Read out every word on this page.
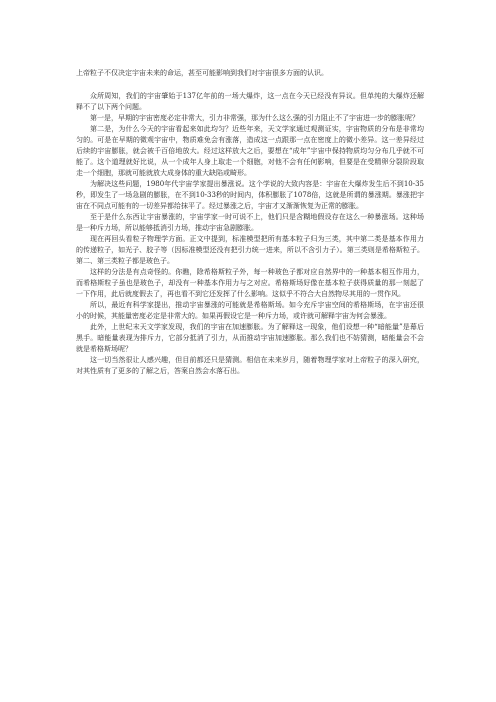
上帝粒子不仅决定宇宙未来的命运，甚至可能影响到我们对宇宙很多方面的认识。

众所周知，我们的宇宙肇始于137亿年前的一场大爆炸，这一点在今天已经没有异议。但单纯的大爆炸还解释不了以下两个问题。

第一是，早期的宇宙密度必定非常大，引力非常强，那为什么这么强的引力阻止不了宇宙进一步的膨胀呢？

第二是，为什么今天的宇宙看起来如此均匀？近些年来，天文学家通过观测证实，宇宙物质的分布是非常均匀的。可是在早期的微观宇宙中，物质难免会有涨落，造成这一点跟那一点在密度上的微小差异。这一差异经过后续的宇宙膨胀，就会被千百倍地放大。经过这样放大之后，要想在“成年”宇宙中保持物质均匀分布几乎就不可能了。这个道理就好比说，从一个成年人身上取走一个细胞，对他不会有任何影响，但要是在受精卵分裂阶段取走一个细胞，那就可能就放大成身体的重大缺陷或畸形。

为解决这些问题，1980年代宇宙学家提出暴涨说。这个学说的大致内容是：宇宙在大爆炸发生后不到10-35秒，即发生了一场急剧的膨胀，在不到10-33秒的时间内，体积膨胀了1078倍，这就是所谓的暴涨期。暴涨把宇宙在不同点可能有的一切差异都给抹平了。经过暴涨之后，宇宙才又渐渐恢复为正常的膨胀。

至于是什么东西让宇宙暴涨的，宇宙学家一时可说不上，他们只是含糊地假设存在这么一种暴涨场。这种场是一种斥力场，所以能够抵消引力场，推动宇宙急剧膨胀。

现在再回头看粒子物理学方面。正文中提到，标准模型把所有基本粒子归为三类，其中第二类是基本作用力的传递粒子，如光子、胶子等（因标准模型还没有把引力统一进来，所以不含引力子）。第三类则是希格斯粒子。第二、第三类粒子都是玻色子。

这样的分法是有点奇怪的。你瞧，除希格斯粒子外，每一种玻色子都对应自然界中的一种基本相互作用力，而希格斯粒子虽也是玻色子，却没有一种基本作用力与之对应。希格斯场好像在基本粒子获得质量的那一刻起了一下作用，此后就度假去了，再也看不到它还发挥了什么影响。这似乎不符合大自然物尽其用的一贯作风。

所以，最近有科学家提出，推动宇宙暴涨的可能就是希格斯场。如今充斥宇宙空间的希格斯场，在宇宙还很小的时候，其能量密度必定是非常大的。如果再假设它是一种斥力场，或许就可解释宇宙为何会暴涨。

此外，上世纪末天文学家发现，我们的宇宙在加速膨胀。为了解释这一现象，他们设想一种“暗能量”是幕后黑手。暗能量表现为排斥力，它部分抵消了引力，从而推动宇宙加速膨胀。那么我们也不妨猜测，暗能量会不会就是希格斯场呢？

这一切当然很让人感兴趣，但目前都还只是猜测。相信在未来岁月，随着物理学家对上帝粒子的深入研究，对其性质有了更多的了解之后，答案自然会水落石出。
